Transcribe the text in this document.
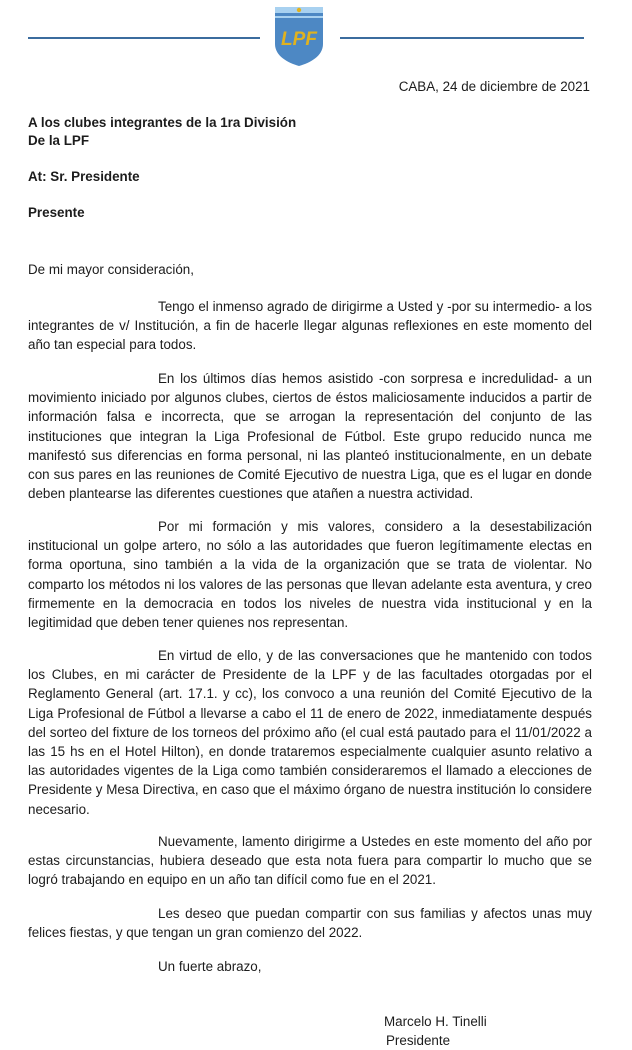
LPF
CABA, 24 de diciembre de 2021
A los clubes integrantes de la 1ra División
De la LPF
At: Sr. Presidente
Presente
De mi mayor consideración,

Tengo el inmenso agrado de dirigirme a Usted y -por su intermedio- a los integrantes de v/ Institución, a fin de hacerle llegar algunas reflexiones en este momento del año tan especial para todos.

En los últimos días hemos asistido -con sorpresa e incredulidad- a un movimiento iniciado por algunos clubes, ciertos de éstos maliciosamente inducidos a partir de información falsa e incorrecta, que se arrogan la representación del conjunto de las instituciones que integran la Liga Profesional de Fútbol. Este grupo reducido nunca me manifestó sus diferencias en forma personal, ni las planteó institucionalmente, en un debate con sus pares en las reuniones de Comité Ejecutivo de nuestra Liga, que es el lugar en donde deben plantearse las diferentes cuestiones que atañen a nuestra actividad.

Por mi formación y mis valores, considero a la desestabilización institucional un golpe artero, no sólo a las autoridades que fueron legítimamente electas en forma oportuna, sino también a la vida de la organización que se trata de violentar. No comparto los métodos ni los valores de las personas que llevan adelante esta aventura, y creo firmemente en la democracia en todos los niveles de nuestra vida institucional y en la legitimidad que deben tener quienes nos representan.

En virtud de ello, y de las conversaciones que he mantenido con todos los Clubes, en mi carácter de Presidente de la LPF y de las facultades otorgadas por el Reglamento General (art. 17.1. y cc), los convoco a una reunión del Comité Ejecutivo de la Liga Profesional de Fútbol a llevarse a cabo el 11 de enero de 2022, inmediatamente después del sorteo del fixture de los torneos del próximo año (el cual está pautado para el 11/01/2022 a las 15 hs en el Hotel Hilton), en donde trataremos especialmente cualquier asunto relativo a las autoridades vigentes de la Liga como también consideraremos el llamado a elecciones de Presidente y Mesa Directiva, en caso que el máximo órgano de nuestra institución lo considere necesario.

Nuevamente, lamento dirigirme a Ustedes en este momento del año por estas circunstancias, hubiera deseado que esta nota fuera para compartir lo mucho que se logró trabajando en equipo en un año tan difícil como fue en el 2021.

Les deseo que puedan compartir con sus familias y afectos unas muy felices fiestas, y que tengan un gran comienzo del 2022.

Un fuerte abrazo,
Marcelo H. Tinelli
Presidente
